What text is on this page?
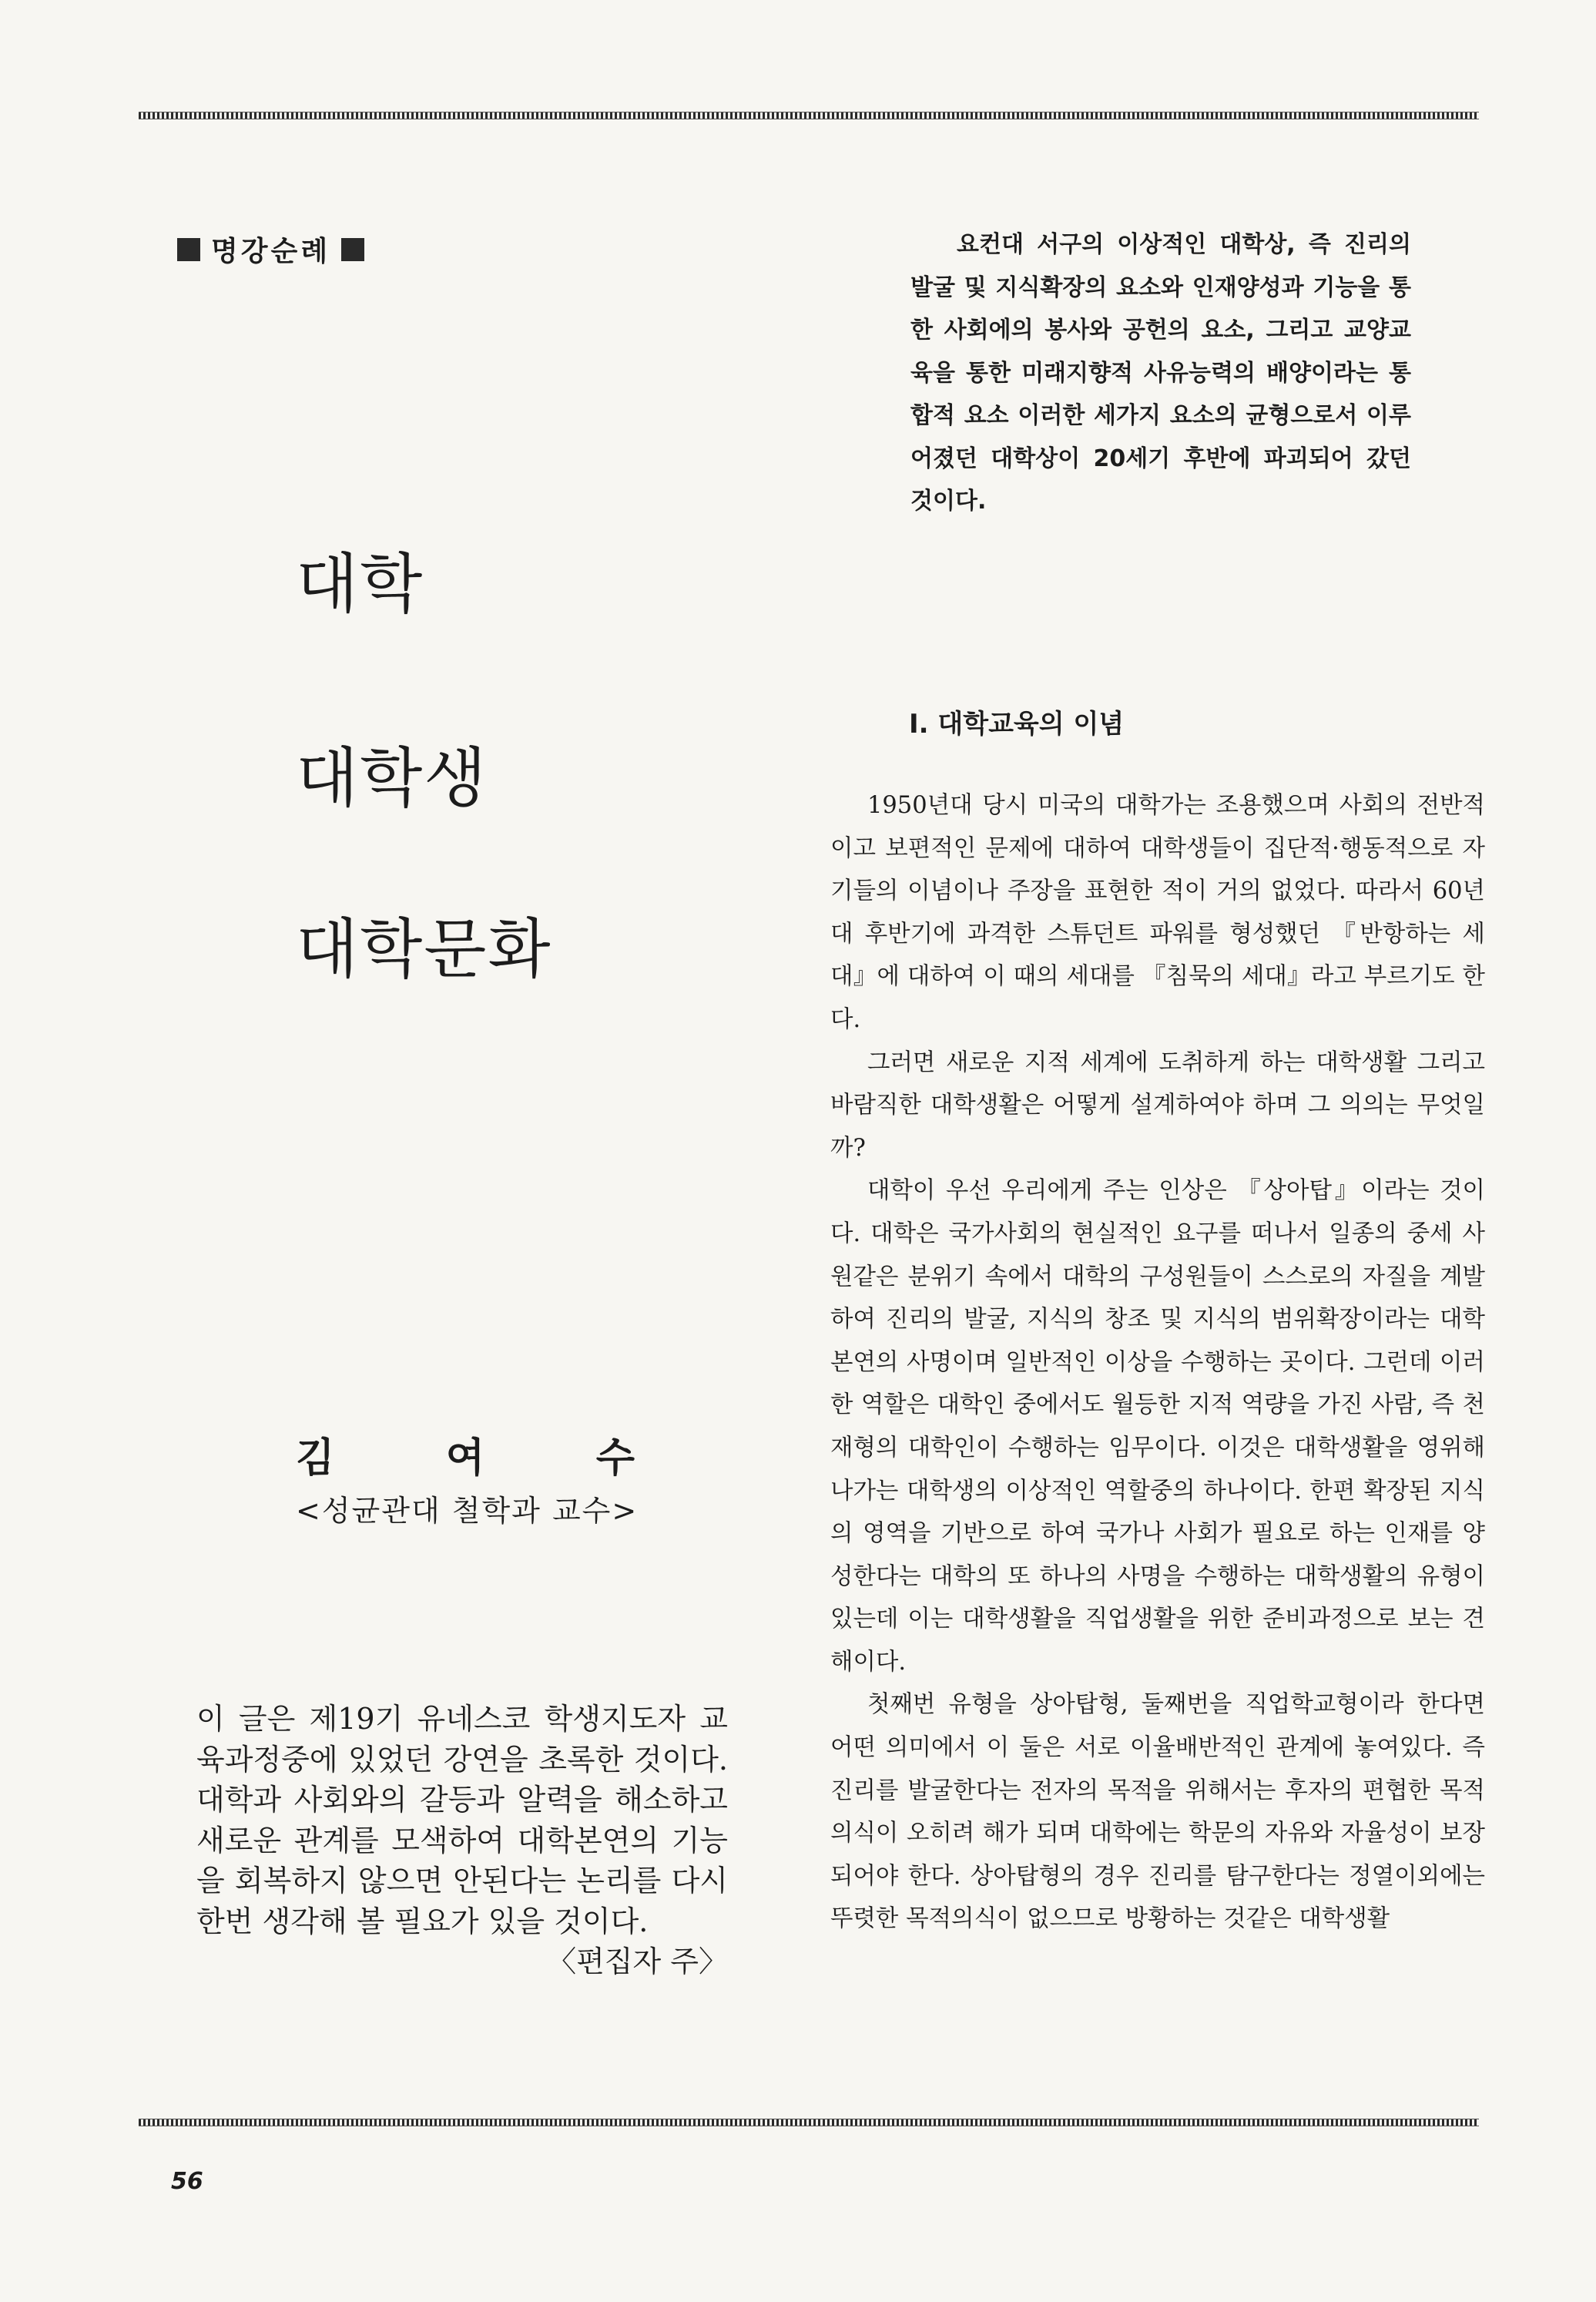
명강순례
대학
대학생
대학문화
김	여	수
<성균관대 철학과 교수>

이 글은 제19기 유네스코 학생지도자 교육과정중에 있었던 강연을 초록한 것이다. 대학과 사회와의 갈등과 알력을 해소하고 새로운 관계를 모색하여 대학본연의 기능을 회복하지 않으면 안된다는 논리를 다시 한번 생각해 볼 필요가 있을 것이다.
〈편집자 주〉

요컨대 서구의 이상적인 대학상, 즉 진리의 발굴 및 지식확장의 요소와 인재양성과 기능을 통한 사회에의 봉사와 공헌의 요소, 그리고 교양교육을 통한 미래지향적 사유능력의 배양이라는 통합적 요소 이러한 세가지 요소의 균형으로서 이루어졌던 대학상이 20세기 후반에 파괴되어 갔던 것이다.

Ⅰ. 대학교육의 이념

1950년대 당시 미국의 대학가는 조용했으며 사회의 전반적이고 보편적인 문제에 대하여 대학생들이 집단적·행동적으로 자기들의 이념이나 주장을 표현한 적이 거의 없었다. 따라서 60년대 후반기에 과격한 스튜던트 파워를 형성했던 『반항하는 세대』에 대하여 이 때의 세대를 『침묵의 세대』라고 부르기도 한다.

그러면 새로운 지적 세계에 도취하게 하는 대학생활 그리고 바람직한 대학생활은 어떻게 설계하여야 하며 그 의의는 무엇일까?

대학이 우선 우리에게 주는 인상은 『상아탑』이라는 것이다. 대학은 국가사회의 현실적인 요구를 떠나서 일종의 중세 사원같은 분위기 속에서 대학의 구성원들이 스스로의 자질을 계발하여 진리의 발굴, 지식의 창조 및 지식의 범위확장이라는 대학본연의 사명이며 일반적인 이상을 수행하는 곳이다. 그런데 이러한 역할은 대학인 중에서도 월등한 지적 역량을 가진 사람, 즉 천재형의 대학인이 수행하는 임무이다. 이것은 대학생활을 영위해나가는 대학생의 이상적인 역할중의 하나이다. 한편 확장된 지식의 영역을 기반으로 하여 국가나 사회가 필요로 하는 인재를 양성한다는 대학의 또 하나의 사명을 수행하는 대학생활의 유형이 있는데 이는 대학생활을 직업생활을 위한 준비과정으로 보는 견해이다.

첫째번 유형을 상아탑형, 둘째번을 직업학교형이라 한다면 어떤 의미에서 이 둘은 서로 이율배반적인 관계에 놓여있다. 즉 진리를 발굴한다는 전자의 목적을 위해서는 후자의 편협한 목적의식이 오히려 해가 되며 대학에는 학문의 자유와 자율성이 보장되어야 한다. 상아탑형의 경우 진리를 탐구한다는 정열이외에는 뚜렷한 목적의식이 없으므로 방황하는 것같은 대학생활

56
